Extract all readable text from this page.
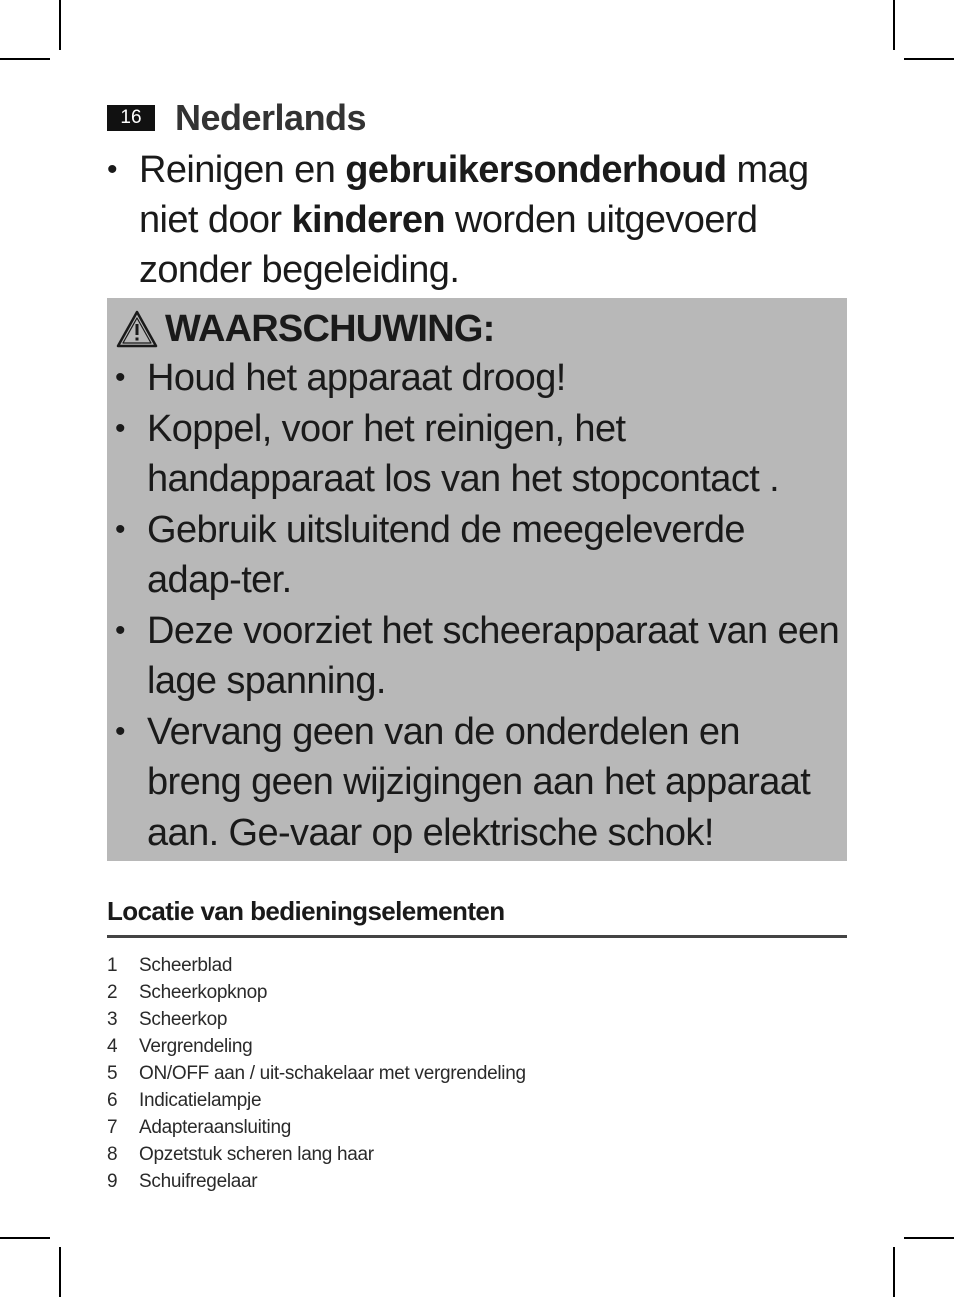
16 Nederlands
• Reinigen en gebruikersonderhoud mag niet door kinderen worden uitgevoerd zonder begeleiding.
WAARSCHUWING:
• Houd het apparaat droog!
• Koppel, voor het reinigen, het handapparaat los van het stopcontact .
• Gebruik uitsluitend de meegeleverde adap-ter.
• Deze voorziet het scheerapparaat van een lage spanning.
• Vervang geen van de onderdelen en breng geen wijzigingen aan het apparaat aan. Ge-vaar op elektrische schok!
Locatie van bedieningselementen
1	Scheerblad
2	Scheerkopknop
3	Scheerkop
4	Vergrendeling
5	ON/OFF aan / uit-schakelaar met vergrendeling
6	Indicatielampje
7	Adapteraansluiting
8	Opzetstuk scheren lang haar
9	Schuifregelaar
